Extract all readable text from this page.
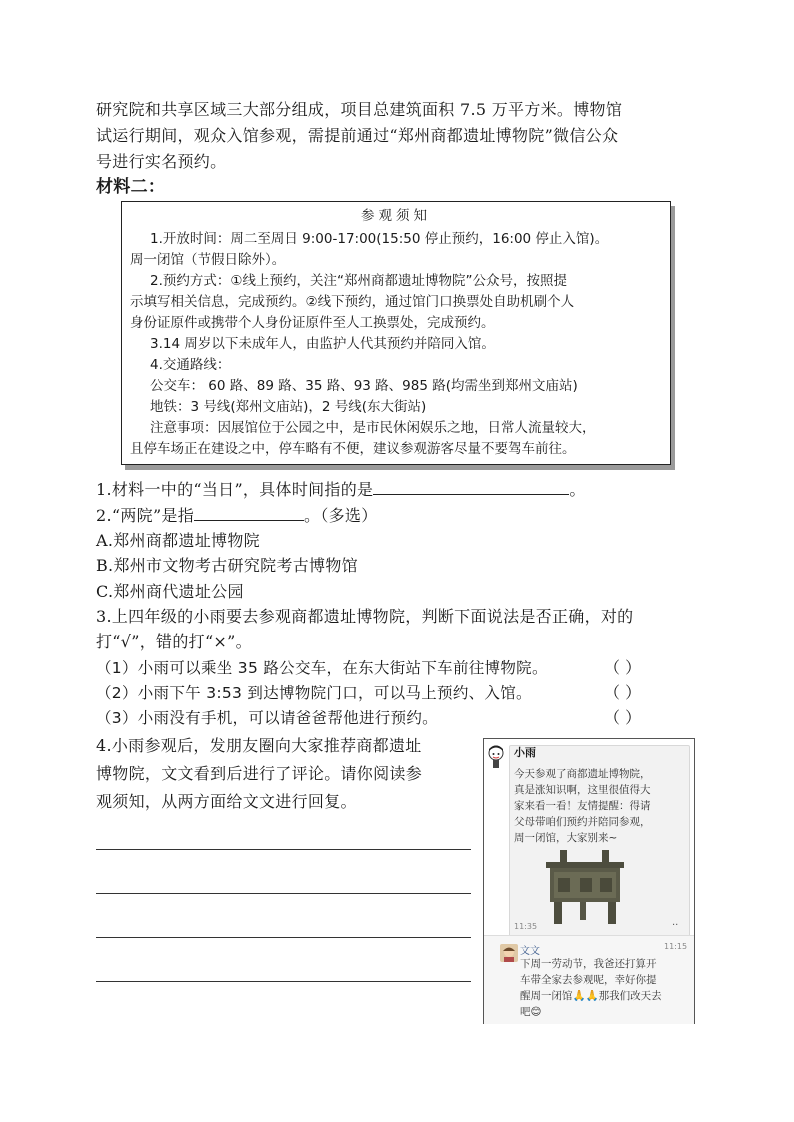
研究院和共享区域三大部分组成，项目总建筑面积 7.5 万平方米。博物馆
试运行期间，观众入馆参观，需提前通过“郑州商都遗址博物院”微信公众
号进行实名预约。
材料二：
参观须知
1.开放时间：周二至周日 9:00-17:00(15:50 停止预约，16:00 停止入馆)。
周一闭馆（节假日除外）。
2.预约方式：①线上预约，关注“郑州商都遗址博物院”公众号，按照提
示填写相关信息，完成预约。②线下预约，通过馆门口换票处自助机刷个人
身份证原件或携带个人身份证原件至人工换票处，完成预约。
3.14 周岁以下未成年人，由监护人代其预约并陪同入馆。
4.交通路线：
公交车： 60 路、89 路、35 路、93 路、985 路(均需坐到郑州文庙站)
地铁：3 号线(郑州文庙站)，2 号线(东大街站)
注意事项：因展馆位于公园之中，是市民休闲娱乐之地，日常人流量较大，
且停车场正在建设之中，停车略有不便，建议参观游客尽量不要驾车前往。
1.材料一中的“当日”，具体时间指的是	。
2.“两院”是指	。（多选）
A.郑州商都遗址博物院
B.郑州市文物考古研究院考古博物馆
C.郑州商代遗址公园
3.上四年级的小雨要去参观商都遗址博物院，判断下面说法是否正确，对的
打“√”，错的打“×”。
（1）小雨可以乘坐 35 路公交车，在东大街站下车前往博物院。	（ ）
（2）小雨下午 3:53 到达博物院门口，可以马上预约、入馆。	（ ）
（3）小雨没有手机，可以请爸爸帮他进行预约。	（ ）
4.小雨参观后，发朋友圈向大家推荐商都遗址
博物院，文文看到后进行了评论。请你阅读参
观须知，从两方面给文文进行回复。
小雨
今天参观了商都遗址博物院，
真是涨知识啊，这里很值得大
家来看一看！友情提醒：得请
父母带咱们预约并陪同参观，
周一闭馆，大家别来~
11:35	··
文文	11:15
下周一劳动节，我爸还打算开
车带全家去参观呢，幸好你提
醒周一闭馆🙏🙏那我们改天去
吧😊
